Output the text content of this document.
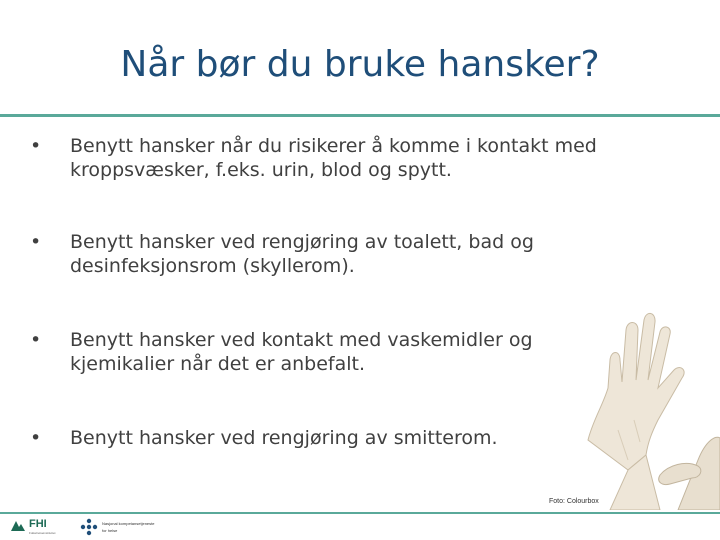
Når bør du bruke hansker?
• Benytt hansker når du risikerer å komme i kontakt med kroppsvæsker, f.eks. urin, blod og spytt.
• Benytt hansker ved rengjøring av toalett, bad og desinfeksjonsrom (skyllerom).
• Benytt hansker ved kontakt med vaskemidler og kjemikalier når det er anbefalt.
• Benytt hansker ved rengjøring av smitterom.
Foto: Colourbox
FHI
Folkehelseinstituttet
Nasjonal kompetansetjeneste
for helse
